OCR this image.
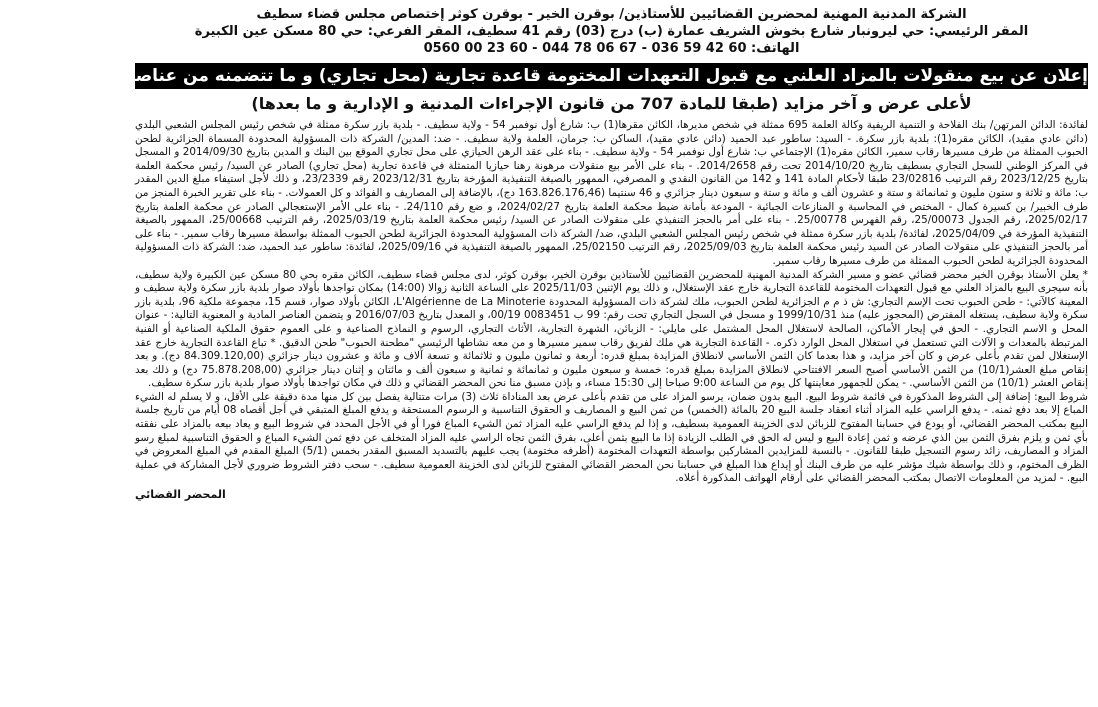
الشركة المدنية المهنية لمحضرين القضائيين للأستاذين/ بوقرن الخير - بوقرن كوثر إختصاص مجلس قضاء سطيف

المقر الرئيسي: حي ليرونبار شارع بخوش الشريف عمارة (ب) درج (03) رقم 41 سطيف، المقر الفرعي: حي 80 مسكن عين الكبيرة

الهاتف: 0560 00 23 60 - 044 78 06 67 - 036 59 42 60

إعلان عن بيع منقولات بالمزاد العلني مع قبول التعهدات المختومة قاعدة تجارية (محل تجاري) و ما تتضمنه من عناصر مادية و معنوية
لأعلى عرض و آخر مزايد (طبقا للمادة 707 من قانون الإجراءات المدنية و الإدارية و ما بعدها)

لفائدة: الدائن المرتهن/ بنك الفلاحة و التنمية الريفية وكالة العلمة 695 ممثلة في شخص مديرها، الكائن مقرها(1) ب: شارع أول نوفمبر 54 - ولاية سطيف. - بلدية بازر سكرة ممثلة في شخص رئيس المجلس الشعبي البلدي (دائن عادي مقيد)، الكائن مقره(1): بلدية بازر سكرة. - السيد: ساطور عبد الحميد (دائن عادي مقيد)، الساكن ب: جرمان، العلمة ولاية سطيف. - ضد: المدين/ الشركة ذات المسؤولية المحدودة المسماة الجزائرية لطحن الحبوب الممثلة من طرف مسيرها رقاب سمير، الكائن مقره(1) الإجتماعي ب: شارع أول نوفمبر 54 - ولاية سطيف. - بناء على عقد الرهن الحيازي على محل تجاري الموقع بين البنك و المدين بتاريخ 2014/09/30 و المسجل في المركز الوطني للسجل التجاري بسطيف بتاريخ 2014/10/20 تحت رقم 2014/2658. - بناء على الأمر بيع منقولات مرهونة رهنا حيازيا المتمثلة في قاعدة تجارية (محل تجاري) الصادر عن السيد/ رئيس محكمة العلمة بتاريخ 2023/12/25 رقم الترتيب 23/02816 طبقا لأحكام المادة 141 و 142 من القانون النقدي و المصرفي، الممهور بالصيغة التنفيذية المؤرخة بتاريخ 2023/12/31 رقم 23/2339، و ذلك لأجل استيفاء مبلغ الدين المقدر ب: مائة و ثلاثة و ستون مليون و ثمانمائة و ستة و عشرون ألف و مائة و ستة و سبعون دينار جزائري و 46 سنتيما (163.826.176,46 دج)، بالإضافة إلى المصاريف و الفوائد و كل العمولات. - بناء على تقرير الخبرة المنجز من طرف الخبير/ بن كسيرة كمال - المختص في المحاسبة و المنازعات الجبائية - المودعة بأمانة ضبط محكمة العلمة بتاريخ 2024/02/27، و ضع رقم 24/110. - بناء على الأمر الإستعجالي الصادر عن محكمة العلمة بتاريخ 2025/02/17، رقم الجدول 25/00073، رقم الفهرس 25/00778. - بناء على أمر بالحجز التنفيذي على منقولات الصادر عن السيد/ رئيس محكمة العلمة بتاريخ 2025/03/19، رقم الترتيب 25/00668، الممهور بالصيغة التنفيذية المؤرخة في 2025/04/09، لفائدة/ بلدية بازر سكرة ممثلة في شخص رئيس المجلس الشعبي البلدي، ضد/ الشركة ذات المسؤولية المحدودة الجزائرية لطحن الحبوب الممثلة بواسطة مسيرها رقاب سمير. - بناء على أمر بالحجز التنفيذي على منقولات الصادر عن السيد رئيس محكمة العلمة بتاريخ 2025/09/03، رقم الترتيب 25/02150، الممهور بالصيغة التنفيذية في 2025/09/16، لفائدة: ساطور عبد الحميد، ضد: الشركة ذات المسؤولية المحدودة الجزائرية لطحن الحبوب الممثلة من طرف مسيرها رقاب سمير.

* يعلن الأستاذ بوقرن الخير محضر قضائي عضو و مسير الشركة المدنية المهنية للمحضرين القضائيين للأستاذين بوقرن الخير، بوقرن كوثر، لدى مجلس قضاء سطيف، الكائن مقره بحي 80 مسكن عين الكبيرة ولاية سطيف، بأنه سيجرى البيع بالمزاد العلني مع قبول التعهدات المختومة للقاعدة التجارية خارج عقد الإستغلال، و ذلك يوم الإثنين 2025/11/03 على الساعة الثانية زوالا (14:00) بمكان تواجدها بأولاد صوار بلدية بازر سكرة ولاية سطيف و المعينة كالآتي: - طحن الحبوب تحت الإسم التجاري: ش ذ م م الجزائرية لطحن الحبوب، ملك لشركة ذات المسؤولية المحدودة L'Algérienne de La Minoterie، الكائن بأولاد صوار، قسم 15، مجموعة ملكية 96، بلدية بازر سكرة ولاية سطيف، يستغله المفترض (المحجوز عليه) منذ 1999/10/31 و مسجل في السجل التجاري تحت رقم: 99 ب 0083451 00/19، و المعدل بتاريخ 2016/07/03 و يتضمن العناصر المادية و المعنوية التالية: - عنوان المحل و الاسم التجاري. - الحق في إيجار الأماكن، الصالحة لاستغلال المحل المشتمل على مايلي: - الزبائن، الشهرة التجارية، الأثاث التجاري، الرسوم و النماذج الصناعية و على العموم حقوق الملكية الصناعية أو الفنية المرتبطة بالمعدات و الآلات التي تستعمل في استغلال المحل الوارد ذكره. - القاعدة التجارية هي ملك لفريق رقاب سمير مسيرها و من معه نشاطها الرئيسي "مطحنة الحبوب" طحن الدقيق. * تباع القاعدة التجارية خارج عقد الإستغلال لمن تقدم بأعلى عرض و كان آخر مزايد، و هذا بعدما كان الثمن الأساسي لانطلاق المزايدة بمبلغ قدره: أربعة و ثمانون مليون و ثلاثمائة و تسعة آلاف و مائة و عشرون دينار جزائري (84.309.120,00 دج). و بعد إنقاص مبلغ العشر(10/1) من الثمن الأساسي أصبح السعر الافتتاحي لانطلاق المزايدة بمبلغ قدره: خمسة و سبعون مليون و ثمانمائة و ثمانية و سبعون ألف و مائتان و إثنان دينار جزائري (75.878.208,00 دج) و ذلك بعد إنقاص العشر (10/1) من الثمن الأساسي. - يمكن للجمهور معاينتها كل يوم من الساعة 9:00 صباحا إلى 15:30 مساء، و بإذن مسبق منا نحن المحضر القضائي و ذلك في مكان تواجدها بأولاد صوار بلدية بازر سكرة سطيف.

شروط البيع: إضافة إلى الشروط المذكورة في قائمة شروط البيع. البيع بدون ضمان، يرسو المزاد على من تقدم بأعلى عرض بعد المناداة ثلاث (3) مرات متتالية يفصل بين كل منها مدة دقيقة على الأقل، و لا يسلم له الشيء المباع إلا بعد دفع ثمنه. - يدفع الراسي عليه المزاد أثناء انعقاد جلسة البيع 20 بالمائة (الخمس) من ثمن البيع و المصاريف و الحقوق التناسبية و الرسوم المستحقة و يدفع المبلغ المتبقي في أجل أقصاه 08 أيام من تاريخ جلسة البيع بمكتب المحضر القضائي، أو يودع في حسابنا المفتوح للزبائن لدى الخزينة العمومية بسطيف، و إذا لم يدفع الراسي عليه المزاد ثمن الشيء المباع فورا أو في الأجل المحدد في شروط البيع و يعاد بيعه بالمزاد على نفقته بأي ثمن و يلزم بفرق الثمن بين الذي عرضه و ثمن إعادة البيع و ليس له الحق في الطلب الزيادة إذا ما البيع بثمن أعلى، بفرق الثمن تجاه الراسي عليه المزاد المتخلف عن دفع ثمن الشيء المباع و الحقوق التناسبية لمبلغ رسو المزاد و المصاريف، زائد رسوم التسجيل طبقا للقانون. - بالنسبة للمزايدين المشاركين بواسطة التعهدات المختومة (أظرفه مختومة) يجب عليهم بالتسديد المسبق المقدر بخمس (5/1) المبلغ المقدم في المبلغ المعروض في الظرف المختوم، و ذلك بواسطة شيك مؤشر عليه من طرف البنك أو إيداع هذا المبلغ في حسابنا نحن المحضر القضائي المفتوح للزبائن لدى الخزينة العمومية سطيف. - سحب دفتر الشروط ضروري لأجل المشاركة في عملية البيع. - لمزيد من المعلومات الاتصال بمكتب المحضر القضائي على أرقام الهواتف المذكورة أعلاه.

المحضر القضائي
